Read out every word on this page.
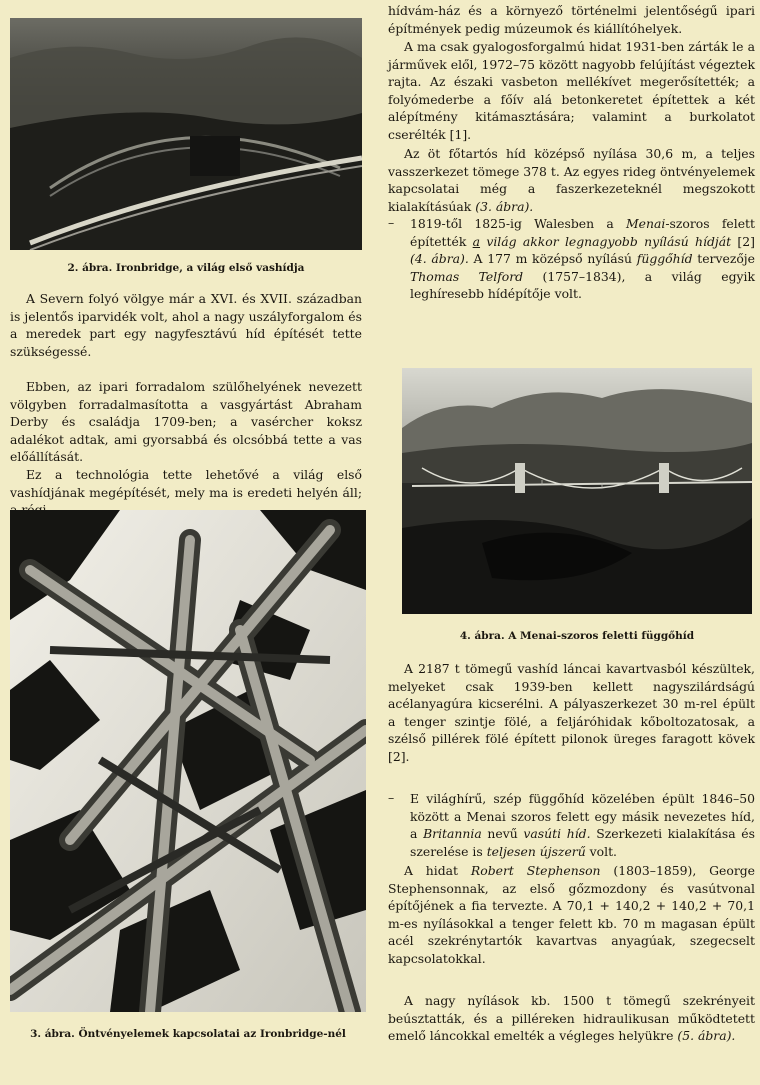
2. ábra. Ironbridge, a világ első vashídja

A Severn folyó völgye már a XVI. és XVII. században is jelentős iparvidék volt, ahol a nagy uszályforgalom és a meredek part egy nagyfesztávú híd építését tette szükségessé.

Ebben, az ipari forradalom szülőhelyének nevezett völgyben forradalmasította a vasgyártást Abraham Derby és családja 1709-ben; a vasércher koksz adalékot adtak, ami gyorsabbá és olcsóbbá tette a vas előállítását.

Ez a technológia tette lehetővé a világ első vashídjának megépítését, mely ma is eredeti helyén áll;

3. ábra. Öntvényelemek kapcsolatai az Ironbridge-nél

hídvám-ház és a környező történelmi jelentőségű ipari építmények pedig múzeumok és kiállítóhelyek.

A ma csak gyalogosforgalmú hidat 1931-ben zárták le a járművek elől, 1972–75 között nagyobb felújítást végeztek rajta. Az északi vasbeton mellékívet megerősítették; a folyómederbe a főív alá betonkeretet építettek a két alépítmény kitámasztására; valamint a burkolatot cserélték [1].

Az öt főtartós híd középső nyílása 30,6 m, a teljes vasszerkezet tömege 378 t. Az egyes rideg öntvényelemek kapcsolatai még a faszerkezeteknél megszokott kialakításúak (3. ábra).

– 1819-től 1825-ig Walesben a Menai-szoros felett építették a világ akkor legnagyobb nyílású hídját [2] (4. ábra). A 177 m középső nyílású függőhíd tervezője Thomas Telford (1757–1834), a világ egyik leghíresebb hídépítője volt.

4. ábra. A Menai-szoros feletti függőhíd

A 2187 t tömegű vashíd láncai kavartvasból készültek, melyeket csak 1939-ben kellett nagyszilárdságú acélanyagúra kicserélni. A pályaszerkezet 30 m-rel épült a tenger szintje fölé, a feljárόhidak kőboltozatosak, a szélső pillérek fölé épített pilonok üreges faragott kövek [2].

– E világhírű, szép függőhíd közelében épült 1846–50 között a Menai szoros felett egy másik nevezetes híd, a Britannia nevű vasúti híd. Szerkezeti kialakítása és szerelése is teljesen újszerű volt.

A hidat Robert Stephenson (1803–1859), George Stephensonnak, az első gőzmozdony és vasútvonal építőjének a fia tervezte. A 70,1 + 140,2 + 140,2 + 70,1 m-es nyílásokkal a tenger felett kb. 70 m magasan épült acél szekrénytartók kavartvas anyagúak, szegecselt kapcsolatokkal.

A nagy nyílások kb. 1500 t tömegű szekrényeit beúsztatták, és a pilléreken hidraulikusan működtetett emelő láncokkal emelték a végleges helyükre (5. ábra).
